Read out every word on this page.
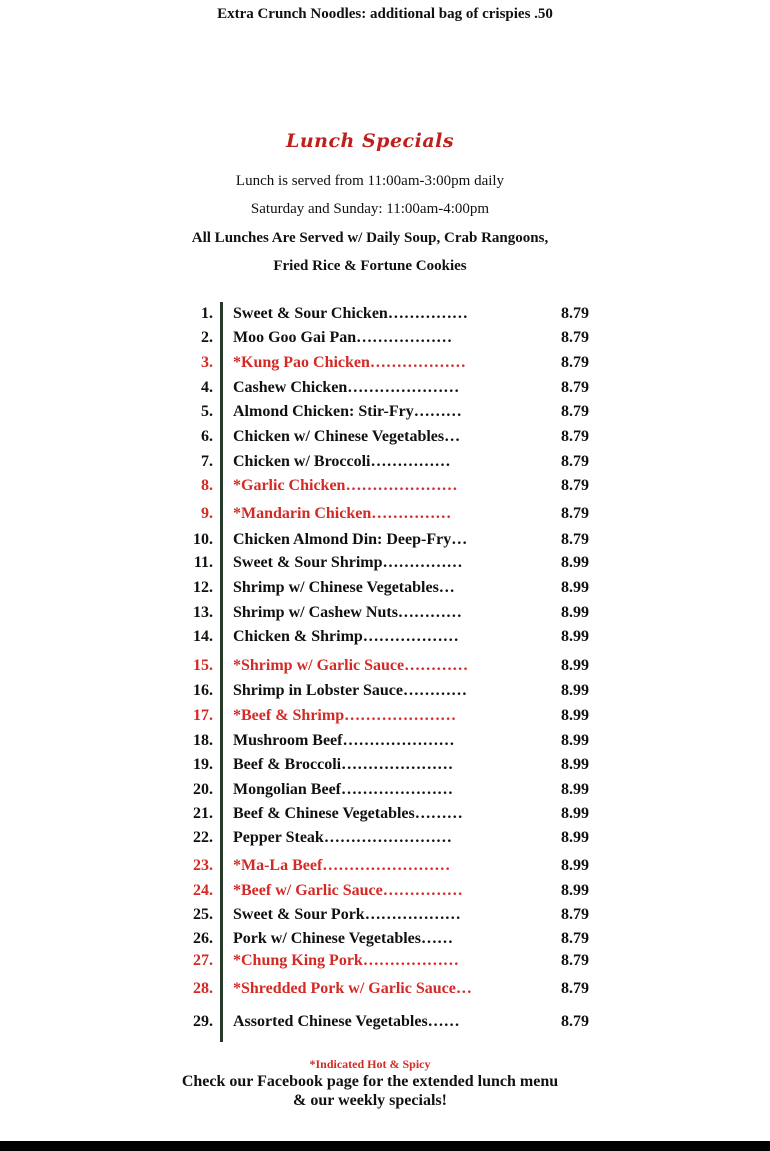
Extra Crunch Noodles: additional bag of crispies .50
Lunch Specials
Lunch is served from 11:00am-3:00pm daily
Saturday and Sunday: 11:00am-4:00pm
All Lunches Are Served w/ Daily Soup, Crab Rangoons,
Fried Rice & Fortune Cookies
1. Sweet & Sour Chicken……………	8.79
2. Moo Goo Gai Pan………………	8.79
3. *Kung Pao Chicken………………	8.79
4. Cashew Chicken…………………	8.79
5. Almond Chicken: Stir-Fry………	8.79
6. Chicken w/ Chinese Vegetables…	8.79
7. Chicken w/ Broccoli……………	8.79
8. *Garlic Chicken…………………	8.79
9. *Mandarin Chicken……………	8.79
10. Chicken Almond Din: Deep-Fry…	8.79
11. Sweet & Sour Shrimp……………	8.99
12. Shrimp w/ Chinese Vegetables…	8.99
13. Shrimp w/ Cashew Nuts…………	8.99
14. Chicken & Shrimp………………	8.99
15. *Shrimp w/ Garlic Sauce…………	8.99
16. Shrimp in Lobster Sauce…………	8.99
17. *Beef & Shrimp…………………	8.99
18. Mushroom Beef…………………	8.99
19. Beef & Broccoli…………………	8.99
20. Mongolian Beef…………………	8.99
21. Beef & Chinese Vegetables………	8.99
22. Pepper Steak……………………	8.99
23. *Ma-La Beef……………………	8.99
24. *Beef w/ Garlic Sauce……………	8.99
25. Sweet & Sour Pork………………	8.79
26. Pork w/ Chinese Vegetables……	8.79
27. *Chung King Pork………………	8.79
28. *Shredded Pork w/ Garlic Sauce…	8.79
29. Assorted Chinese Vegetables……	8.79
*Indicated Hot & Spicy
Check our Facebook page for the extended lunch menu
& our weekly specials!
